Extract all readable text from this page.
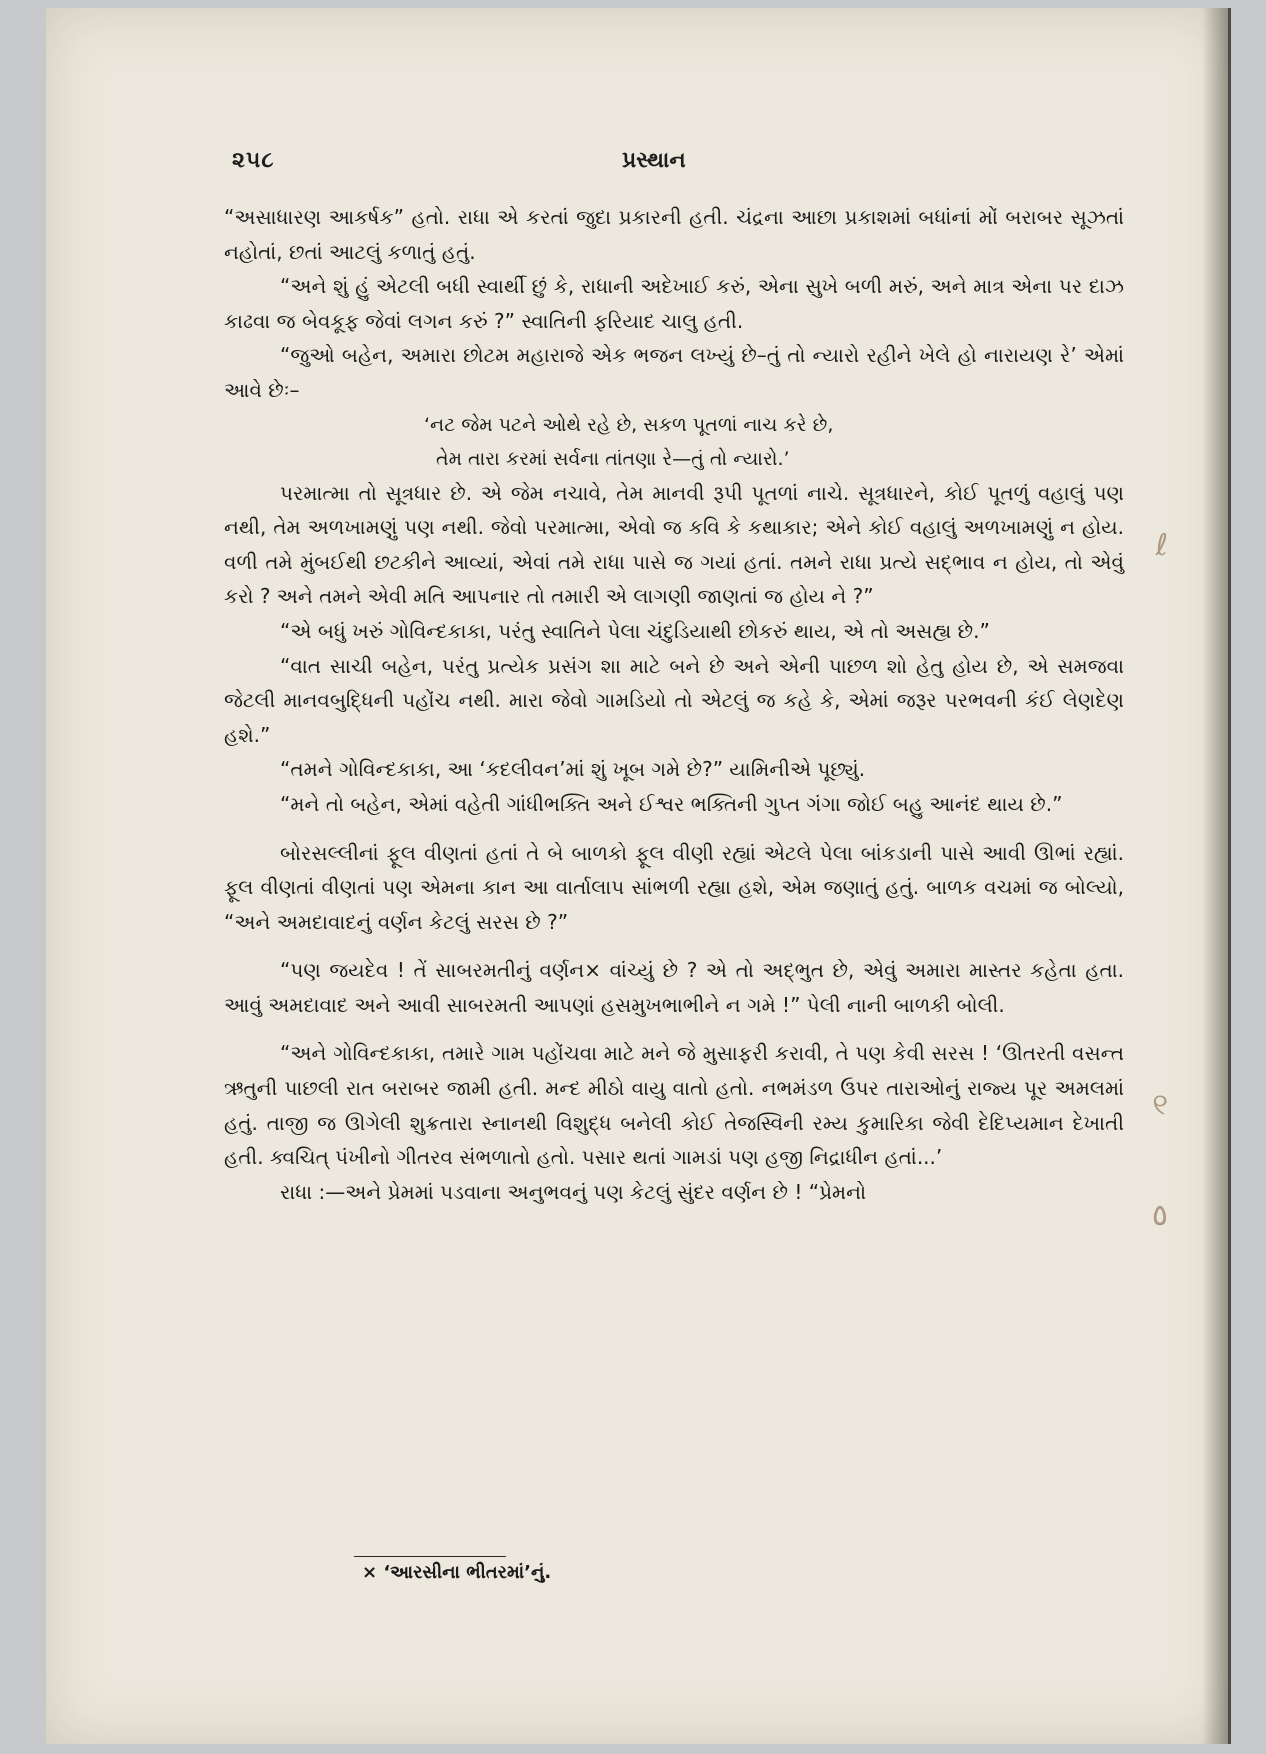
૨૫૮	પ્રસ્થાન

“અસાધારણ આકર્ષક” હતો. રાધા એ કરતાં જુદા પ્રકારની હતી. ચંદ્રના આછા પ્રકાશમાં બધાંનાં મોં બરાબર સૂઝતાં નહોતાં, છતાં આટલું કળાતું હતું.

“અને શું હું એટલી બધી સ્વાર્થી છું કે, રાધાની અદેખાઈ કરું, એના સુખે બળી મરું, અને માત્ર એના પર દાઝ કાઢવા જ બેવકૂફ જેવાં લગન કરું ?” સ્વાતિની ફરિયાદ ચાલુ હતી.

“જુઓ બહેન, અમારા છોટમ મહારાજે એક ભજન લખ્યું છે–તું તો ન્યારો રહીને ખેલે હો નારાયણ રે’ એમાં આવે છેઃ–

‘નટ જેમ પટને ઓથે રહે છે, સકળ પૂતળાં નાચ કરે છે,
તેમ તારા કરમાં સર્વના તાંતણા રે—તું તો ન્યારો.’

પરમાત્મા તો સૂત્રધાર છે. એ જેમ નચાવે, તેમ માનવી રૂપી પૂતળાં નાચે. સૂત્રધારને, કોઈ પૂતળું વહાલું પણ નથી, તેમ અળખામણું પણ નથી. જેવો પરમાત્મા, એવો જ કવિ કે કથાકાર; એને કોઈ વહાલું અળખામણું ન હોય. વળી તમે મુંબઈથી છટકીને આવ્યાં, એવાં તમે રાધા પાસે જ ગયાં હતાં. તમને રાધા પ્રત્યે સદ્ભાવ ન હોય, તો એવું કરો ? અને તમને એવી મતિ આપનાર તો તમારી એ લાગણી જાણતાં જ હોય ને ?”

“એ બધું ખરું ગોવિન્દકાકા, પરંતુ સ્વાતિને પેલા ચંદુડિયાથી છોકરું થાય, એ તો અસહ્ય છે.”

“વાત સાચી બહેન, પરંતુ પ્રત્યેક પ્રસંગ શા માટે બને છે અને એની પાછળ શો હેતુ હોય છે, એ સમજવા જેટલી માનવબુદ્ધિની પહોંચ નથી. મારા જેવો ગામડિયો તો એટલું જ કહે કે, એમાં જરૂર પરભવની કંઈ લેણદેણ હશે.”

“તમને ગોવિન્દકાકા, આ ‘કદલીવન’માં શું ખૂબ ગમે છે?” યામિનીએ પૂછ્યું.

“મને તો બહેન, એમાં વહેતી ગાંધીભક્તિ અને ઈશ્વર ભક્તિની ગુપ્ત ગંગા જોઈ બહુ આનંદ થાય છે.”

બોરસલ્લીનાં ફૂલ વીણતાં હતાં તે બે બાળકો ફૂલ વીણી રહ્યાં એટલે પેલા બાંકડાની પાસે આવી ઊભાં રહ્યાં. ફૂલ વીણતાં વીણતાં પણ એમના કાન આ વાર્તાલાપ સાંભળી રહ્યા હશે, એમ જણાતું હતું. બાળક વચમાં જ બોલ્યો, “અને અમદાવાદનું વર્ણન કેટલું સરસ છે ?”

“પણ જયદેવ ! તેં સાબરમતીનું વર્ણન× વાંચ્યું છે ? એ તો અદ્ભુત છે, એવું અમારા માસ્તર કહેતા હતા. આવું અમદાવાદ અને આવી સાબરમતી આપણાં હસમુખભાભીને ન ગમે !” પેલી નાની બાળકી બોલી.

“અને ગોવિન્દકાકા, તમારે ગામ પહોંચવા માટે મને જે મુસાફરી કરાવી, તે પણ કેવી સરસ ! ‘ઊતરતી વસન્ત ઋતુની પાછલી રાત બરાબર જામી હતી. મન્દ મીઠો વાયુ વાતો હતો. નભમંડળ ઉપર તારાઓનું રાજ્ય પૂર અમલમાં હતું. તાજી જ ઊગેલી શુક્રતારા સ્નાનથી વિશુદ્ધ બનેલી કોઈ તેજસ્વિની રમ્ય કુમારિકા જેવી દેદિપ્યમાન દેખાતી હતી. ક્વચિત્ પંખીનો ગીતરવ સંભળાતો હતો. પસાર થતાં ગામડાં પણ હજી નિદ્રાધીન હતાં...’

રાધા :—અને પ્રેમમાં પડવાના અનુભવનું પણ કેટલું સુંદર વર્ણન છે ! “પ્રેમનો

× ‘આરસીના ભીતરમાં’નું.
ℓ
୧
٥
